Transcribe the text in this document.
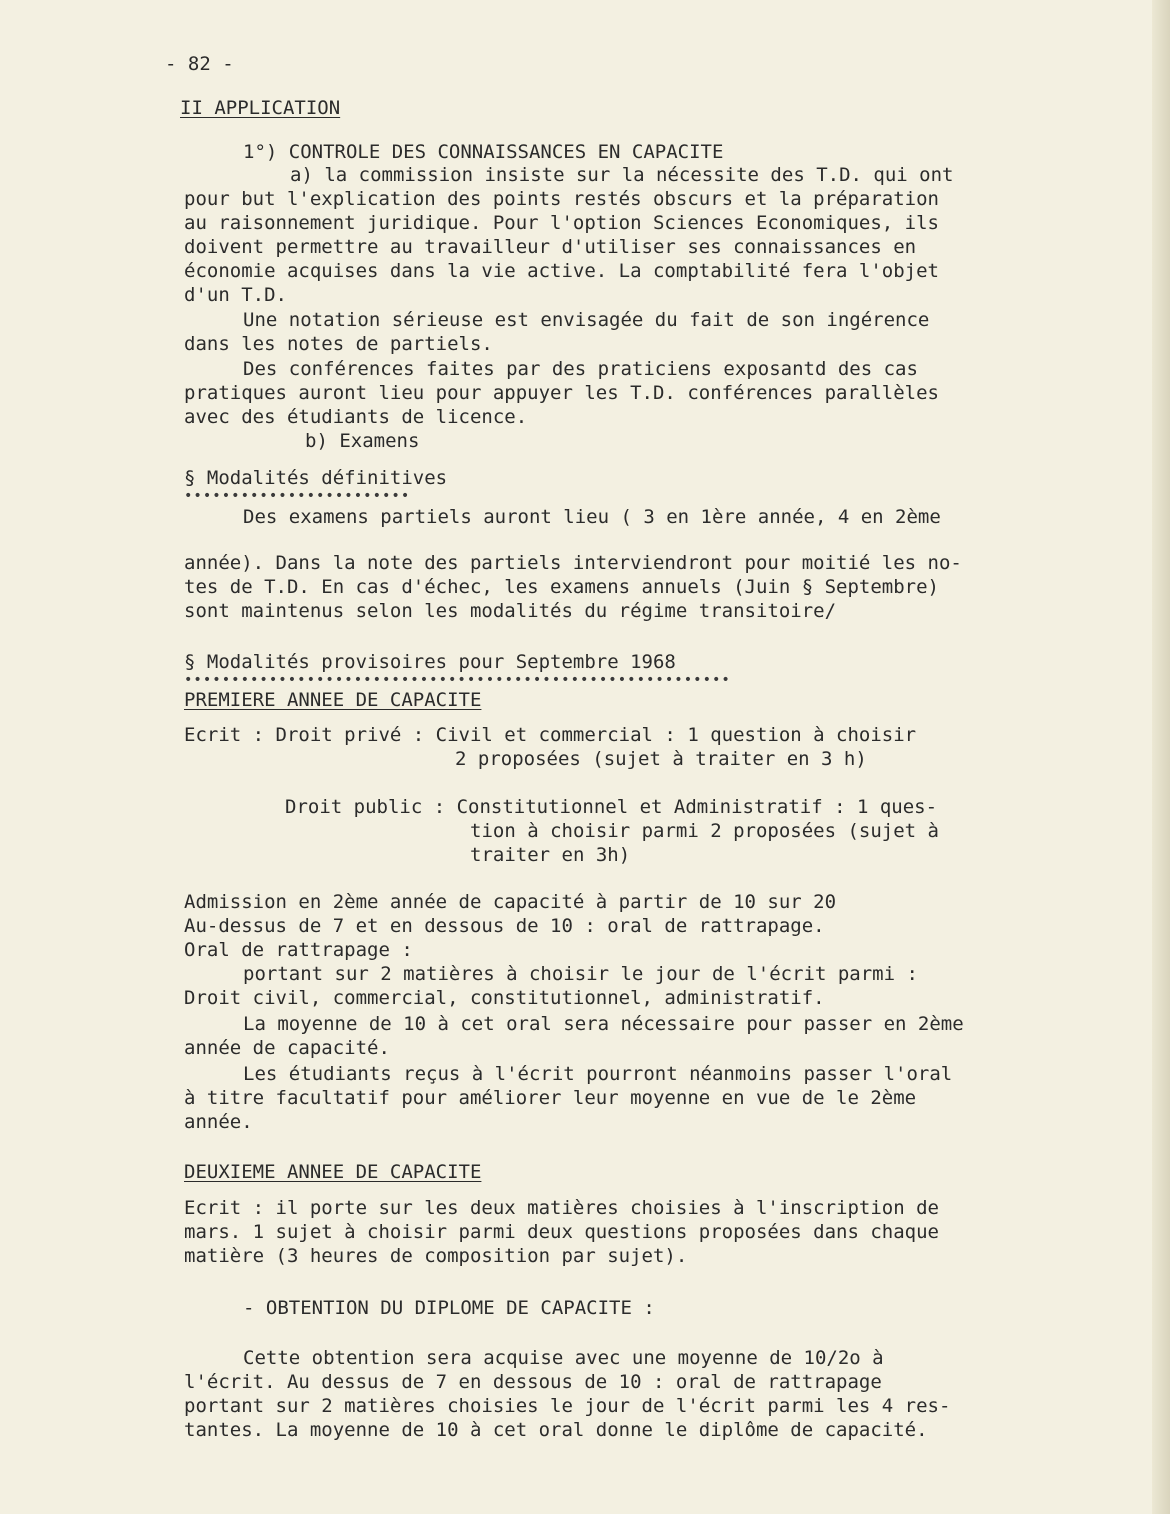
- 82 -
II APPLICATION
1°) CONTROLE DES CONNAISSANCES EN CAPACITE
a) la commission insiste sur la nécessite des T.D. qui ont
pour but l'explication des points restés obscurs et la préparation
au raisonnement juridique. Pour l'option Sciences Economiques, ils
doivent permettre au travailleur d'utiliser ses connaissances en
économie acquises dans la vie active. La comptabilité fera l'objet
d'un T.D.
Une notation sérieuse est envisagée du fait de son ingérence
dans les notes de partiels.
Des conférences faites par des praticiens exposantd des cas
pratiques auront lieu pour appuyer les T.D. conférences parallèles
avec des étudiants de licence.
b) Examens
§ Modalités définitives
••••••••••••••••••••••••
Des examens partiels auront lieu ( 3 en 1ère année, 4 en 2ème
année). Dans la note des partiels interviendront pour moitié les no-
tes de T.D. En cas d'échec, les examens annuels (Juin § Septembre)
sont maintenus selon les modalités du régime transitoire/
§ Modalités provisoires pour Septembre 1968
••••••••••••••••••••••••••••••••••••••••••••••••••••••••••
PREMIERE ANNEE DE CAPACITE
Ecrit : Droit privé : Civil et commercial : 1 question à choisir
2 proposées (sujet à traiter en 3 h)
Droit public : Constitutionnel et Administratif : 1 ques-
tion à choisir parmi 2 proposées (sujet à
traiter en 3h)
Admission en 2ème année de capacité à partir de 10 sur 20
Au-dessus de 7 et en dessous de 10 : oral de rattrapage.
Oral de rattrapage :
portant sur 2 matières à choisir le jour de l'écrit parmi :
Droit civil, commercial, constitutionnel, administratif.
La moyenne de 10 à cet oral sera nécessaire pour passer en 2ème
année de capacité.
Les étudiants reçus à l'écrit pourront néanmoins passer l'oral
à titre facultatif pour améliorer leur moyenne en vue de le 2ème
année.
DEUXIEME ANNEE DE CAPACITE
Ecrit : il porte sur les deux matières choisies à l'inscription de
mars. 1 sujet à choisir parmi deux questions proposées dans chaque
matière (3 heures de composition par sujet).
- OBTENTION DU DIPLOME DE CAPACITE :
Cette obtention sera acquise avec une moyenne de 10/2o à
l'écrit. Au dessus de 7 en dessous de 10 : oral de rattrapage
portant sur 2 matières choisies le jour de l'écrit parmi les 4 res-
tantes. La moyenne de 10 à cet oral donne le diplôme de capacité.
